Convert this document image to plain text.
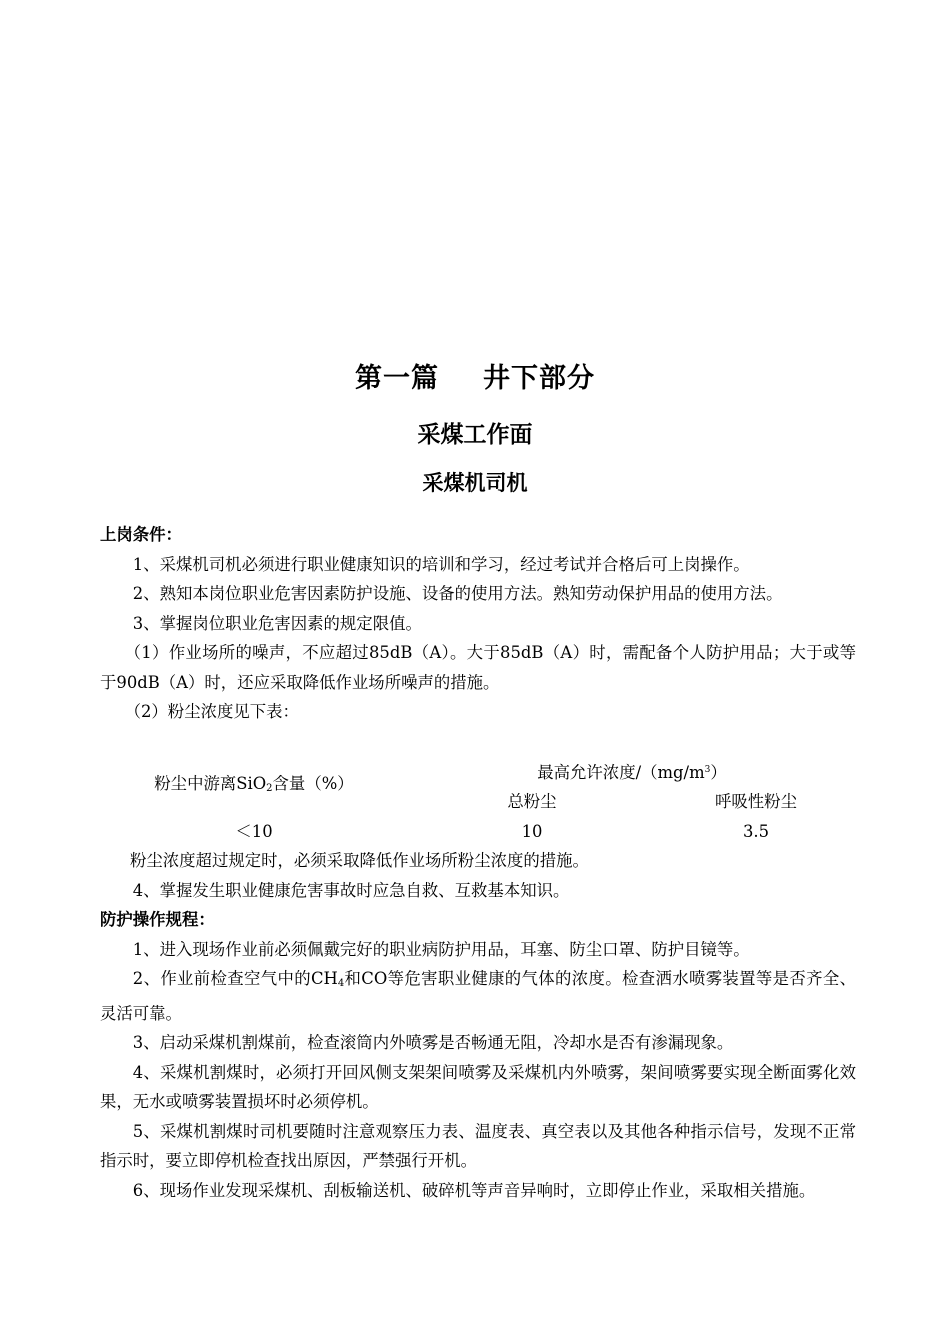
第一篇 井下部分
采煤工作面
采煤机司机

上岗条件：

1、采煤机司机必须进行职业健康知识的培训和学习，经过考试并合格后可上岗操作。

2、熟知本岗位职业危害因素防护设施、设备的使用方法。熟知劳动保护用品的使用方法。

3、掌握岗位职业危害因素的规定限值。

（1）作业场所的噪声，不应超过85dB（A）。大于85dB（A）时，需配备个人防护用品；大于或等于90dB（A）时，还应采取降低作业场所噪声的措施。

（2）粉尘浓度见下表：

粉尘中游离SiO$_2$含量（%）	最高允许浓度$/(mg/m^3)$	
	总粉尘	呼吸性粉尘
＜10	10	3.5

粉尘浓度超过规定时，必须采取降低作业场所粉尘浓度的措施。

4、掌握发生职业健康危害事故时应急自救、互救基本知识。

防护操作规程：

1、进入现场作业前必须佩戴完好的职业病防护用品，耳塞、防尘口罩、防护目镜等。

2、作业前检查空气中的$CH_4$和CO等危害职业健康的气体的浓度。检查洒水喷雾装置等是否齐全、灵活可靠。

3、启动采煤机割煤前，检查滚筒内外喷雾是否畅通无阻，冷却水是否有渗漏现象。

4、采煤机割煤时，必须打开回风侧支架架间喷雾及采煤机内外喷雾，架间喷雾要实现全断面雾化效果，无水或喷雾装置损坏时必须停机。

5、采煤机割煤时司机要随时注意观察压力表、温度表、真空表以及其他各种指示信号，发现不正常指示时，要立即停机检查找出原因，严禁强行开机。

6、现场作业发现采煤机、刮板输送机、破碎机等声音异响时，立即停止作业，采取相关措施。
